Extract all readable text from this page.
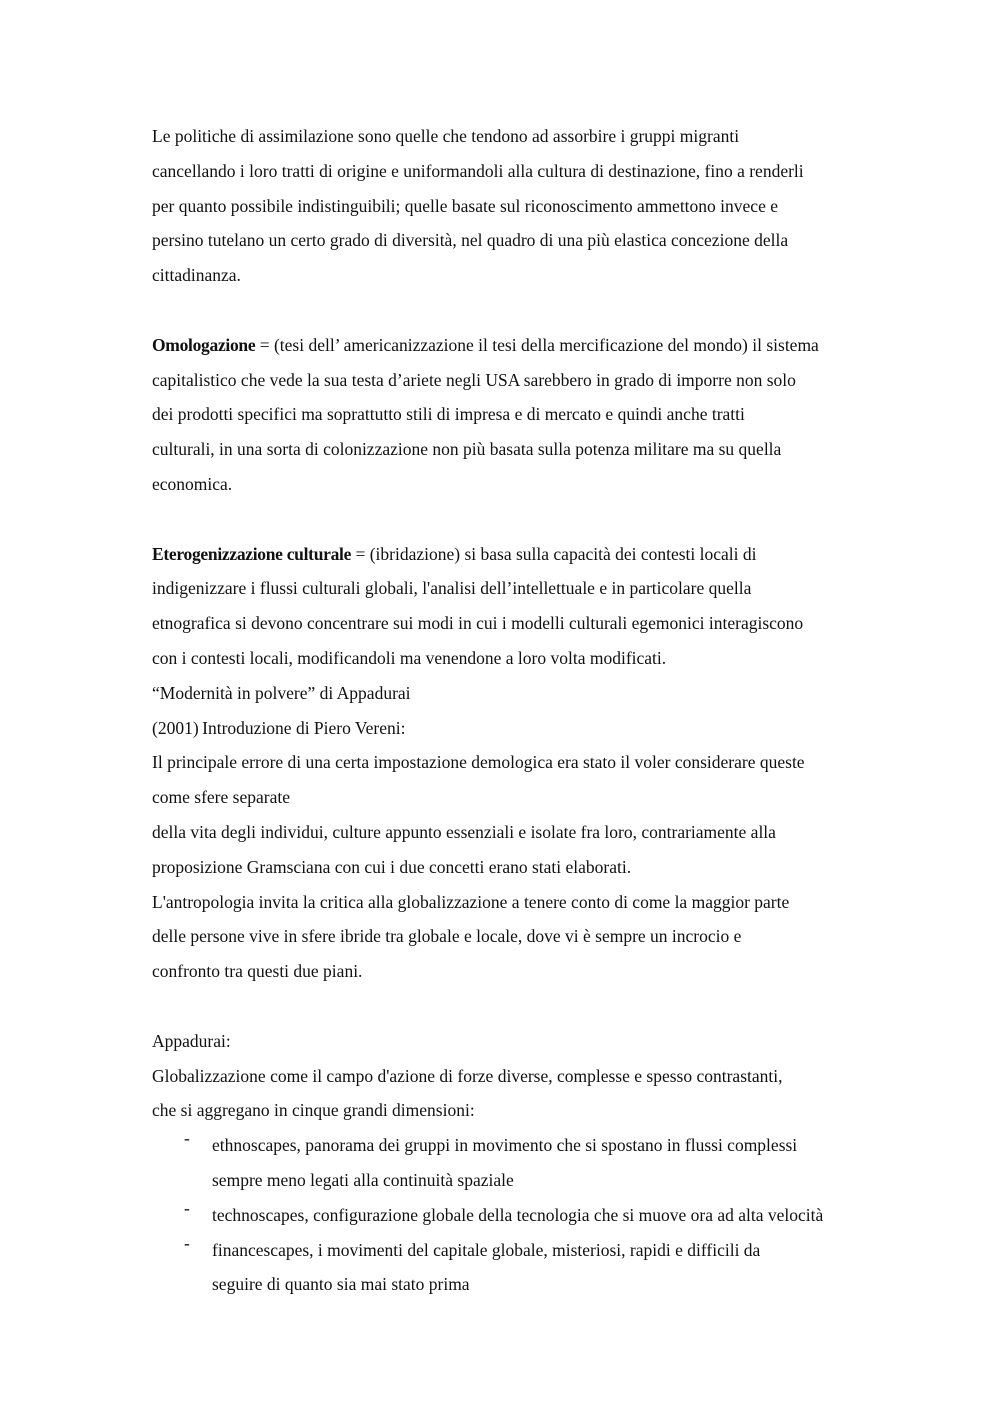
Le politiche di assimilazione sono quelle che tendono ad assorbire i gruppi migranti
cancellando i loro tratti di origine e uniformandoli alla cultura di destinazione, fino a renderli
per quanto possibile indistinguibili; quelle basate sul riconoscimento ammettono invece e
persino tutelano un certo grado di diversità, nel quadro di una più elastica concezione della
cittadinanza.
Omologazione = (tesi dell’ americanizzazione il tesi della mercificazione del mondo) il sistema
capitalistico che vede la sua testa d’ariete negli USA sarebbero in grado di imporre non solo
dei prodotti specifici ma soprattutto stili di impresa e di mercato e quindi anche tratti
culturali, in una sorta di colonizzazione non più basata sulla potenza militare ma su quella
economica.
Eterogenizzazione culturale = (ibridazione) si basa sulla capacità dei contesti locali di
indigenizzare i flussi culturali globali, l'analisi dell’intellettuale e in particolare quella
etnografica si devono concentrare sui modi in cui i modelli culturali egemonici interagiscono
con i contesti locali, modificandoli ma venendone a loro volta modificati.
“Modernità in polvere” di Appadurai
(2001) Introduzione di Piero Vereni:
Il principale errore di una certa impostazione demologica era stato il voler considerare queste
come sfere separate
della vita degli individui, culture appunto essenziali e isolate fra loro, contrariamente alla
proposizione Gramsciana con cui i due concetti erano stati elaborati.
L'antropologia invita la critica alla globalizzazione a tenere conto di come la maggior parte
delle persone vive in sfere ibride tra globale e locale, dove vi è sempre un incrocio e
confronto tra questi due piani.
Appadurai:
Globalizzazione come il campo d'azione di forze diverse, complesse e spesso contrastanti,
che si aggregano in cinque grandi dimensioni:
- ethnoscapes, panorama dei gruppi in movimento che si spostano in flussi complessi
sempre meno legati alla continuità spaziale
- technoscapes, configurazione globale della tecnologia che si muove ora ad alta velocità
- financescapes, i movimenti del capitale globale, misteriosi, rapidi e difficili da
seguire di quanto sia mai stato prima
